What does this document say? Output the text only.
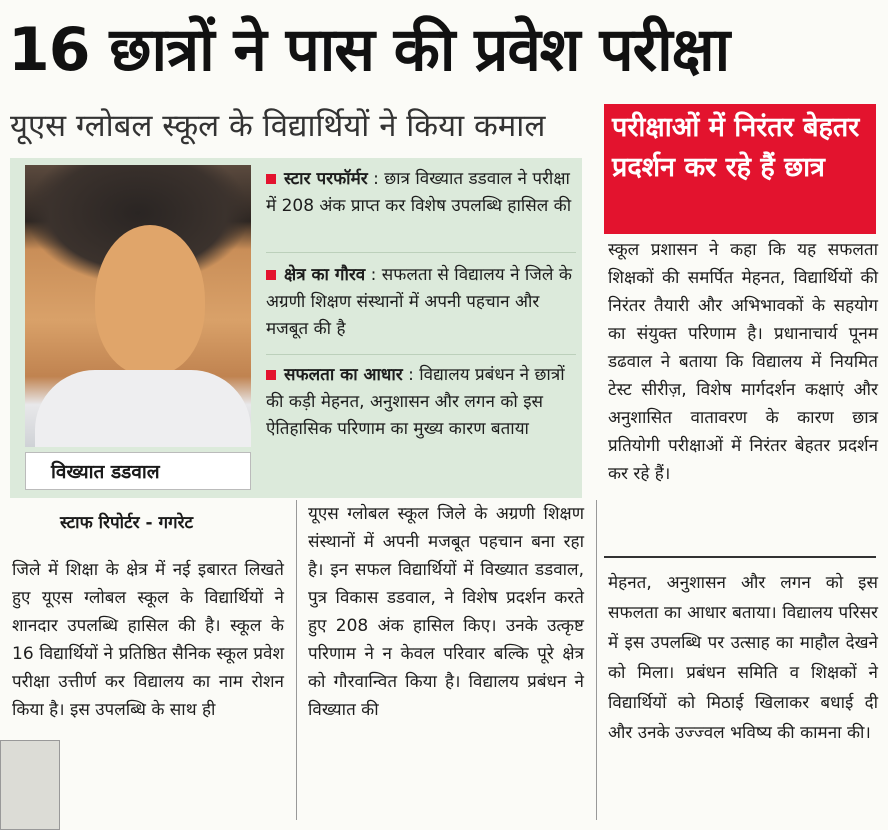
16 छात्रों ने पास की प्रवेश परीक्षा
यूएस ग्लोबल स्कूल के विद्यार्थियों ने किया कमाल	परीक्षाओं में निरंतर बेहतर प्रदर्शन कर रहे हैं छात्र
विख्यात डडवाल
स्टार परफॉर्मर : छात्र विख्यात डडवाल ने परीक्षा में 208 अंक प्राप्त कर विशेष उपलब्धि हासिल की
क्षेत्र का गौरव : सफलता से विद्यालय ने जिले के अग्रणी शिक्षण संस्थानों में अपनी पहचान और मजबूत की है
सफलता का आधार : विद्यालय प्रबंधन ने छात्रों की कड़ी मेहनत, अनुशासन और लगन को इस ऐतिहासिक परिणाम का मुख्य कारण बताया
स्टाफ रिपोर्टर - गगरेट
जिले में शिक्षा के क्षेत्र में नई इबारत लिखते हुए यूएस ग्लोबल स्कूल के विद्यार्थियों ने शानदार उपलब्धि हासिल की है। स्कूल के 16 विद्यार्थियों ने प्रतिष्ठित सैनिक स्कूल प्रवेश परीक्षा उत्तीर्ण कर विद्यालय का नाम रोशन किया है। इस उपलब्धि के साथ ही
यूएस ग्लोबल स्कूल जिले के अग्रणी शिक्षण संस्थानों में अपनी मजबूत पहचान बना रहा है। इन सफल विद्यार्थियों में विख्यात डडवाल, पुत्र विकास डडवाल, ने विशेष प्रदर्शन करते हुए 208 अंक हासिल किए। उनके उत्कृष्ट परिणाम ने न केवल परिवार बल्कि पूरे क्षेत्र को गौरवान्वित किया है। विद्यालय प्रबंधन ने विख्यात की
स्कूल प्रशासन ने कहा कि यह सफलता शिक्षकों की समर्पित मेहनत, विद्यार्थियों की निरंतर तैयारी और अभिभावकों के सहयोग का संयुक्त परिणाम है। प्रधानाचार्य पूनम डढवाल ने बताया कि विद्यालय में नियमित टेस्ट सीरीज़, विशेष मार्गदर्शन कक्षाएं और अनुशासित वातावरण के कारण छात्र प्रतियोगी परीक्षाओं में निरंतर बेहतर प्रदर्शन कर रहे हैं।
मेहनत, अनुशासन और लगन को इस सफलता का आधार बताया। विद्यालय परिसर में इस उपलब्धि पर उत्साह का माहौल देखने को मिला। प्रबंधन समिति व शिक्षकों ने विद्यार्थियों को मिठाई खिलाकर बधाई दी और उनके उज्ज्वल भविष्य की कामना की।
